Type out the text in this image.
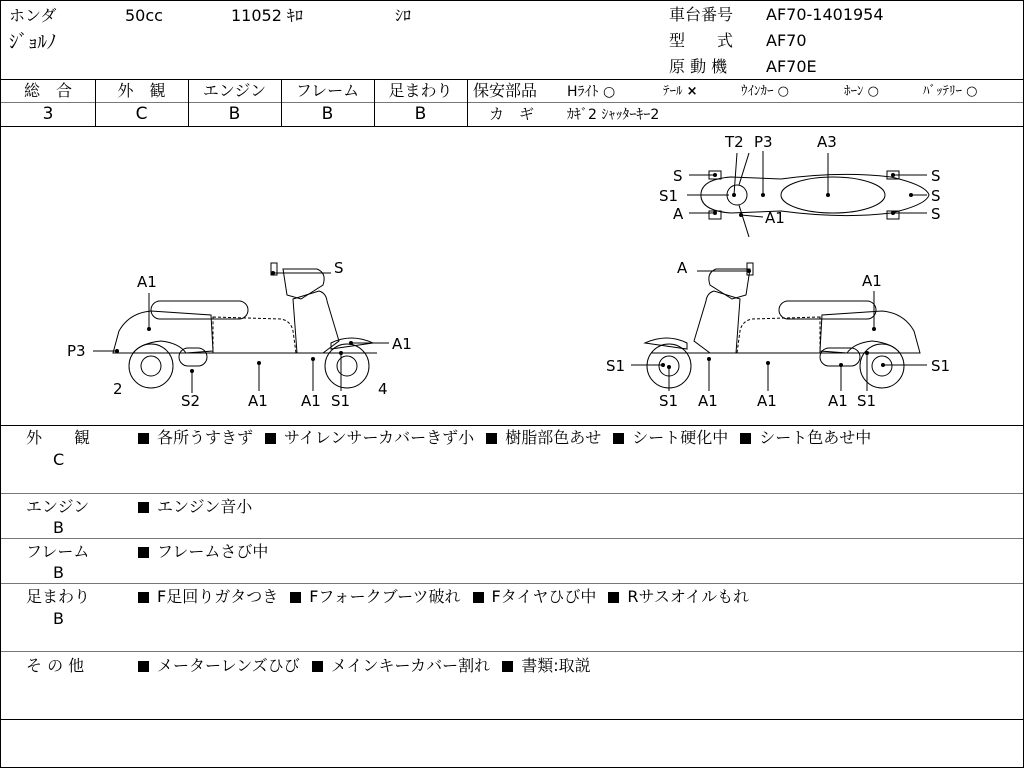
ホンダ	50cc	11052 ｷﾛ	ｼﾛ
ｼﾞｮﾙﾉ
車台番号 AF70-1401954
型　　式 AF70
原 動 機 AF70E
総　合	外　観	エンジン	フレーム	足まわり
3	C	B	B	B
保安部品 Hﾗｲﾄ ○	ﾃｰﾙ ×	ｳｲﾝｶｰ ○	ﾎｰﾝ ○	ﾊﾞｯﾃﾘｰ ○
カ　ギ ｶｷﾞ2 ｼｬｯﾀｰｷｰ2
A1
S
P3	A1
2
S2	A1 A1 S1
4
A
A1
S1
S1
S1
A1	A1	A1 S1
T2 P3	A3
S
S1
A	A1
S
S
S
外　　観
C
各所うすきず サイレンサーカバーきず小 樹脂部色あせ シート硬化中 シート色あせ中
エンジン
B
エンジン音小
フレーム
B
フレームさび中
足まわり
B
F足回りガタつき Fフォークブーツ破れ Fタイヤひび中 Rサスオイルもれ
そ の 他	メーターレンズひび メインキーカバー割れ 書類:取説
